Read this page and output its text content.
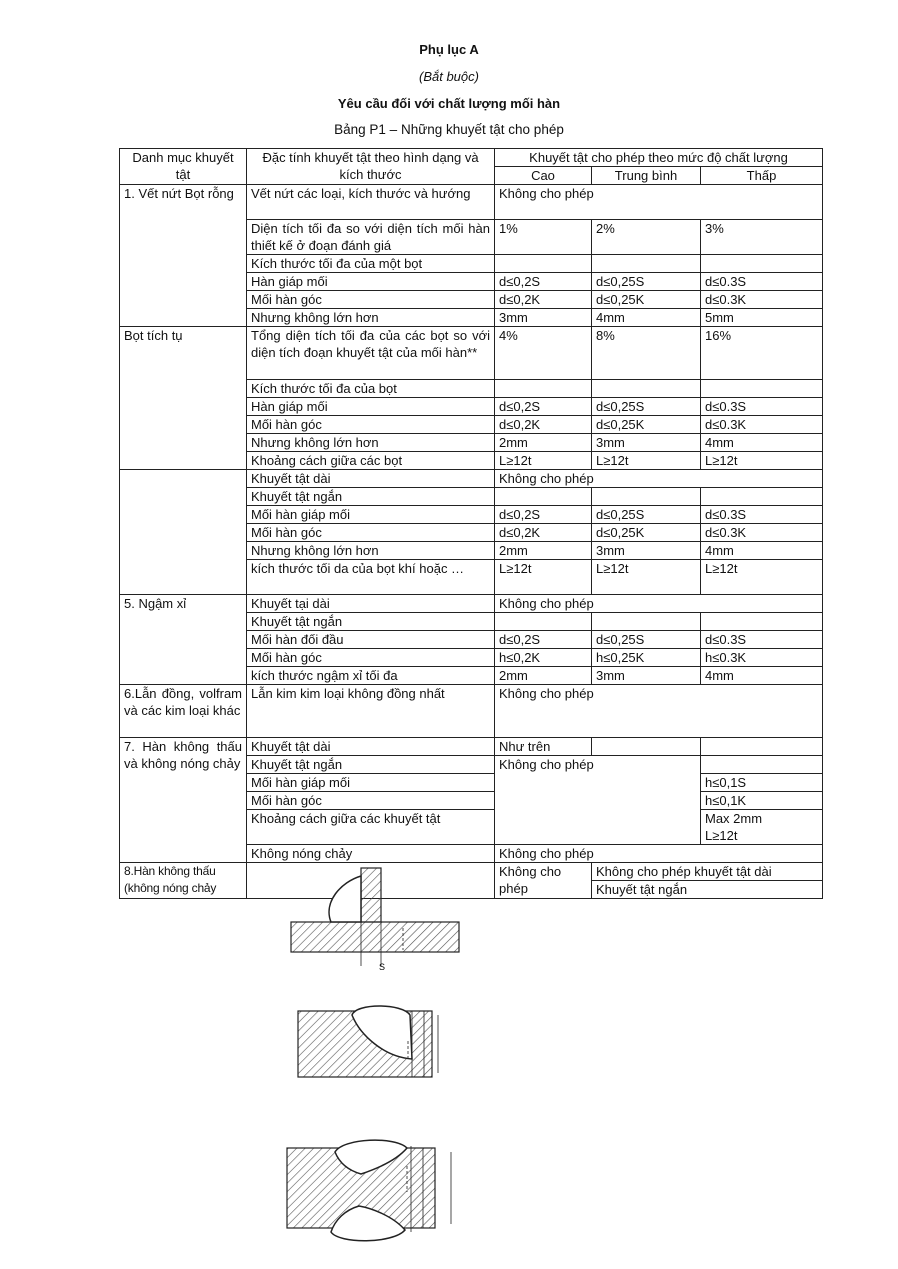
Phụ lục A
(Bắt buộc)
Yêu cầu đối với chất lượng mối hàn
Bảng P1 – Những khuyết tật cho phép
Danh mục khuyết tật	Đặc tính khuyết tật theo hình dạng và kích thước	Khuyết tật cho phép theo mức độ chất lượng		
		Cao	Trung bình	Thấp
1. Vết nứt Bọt rỗng	Vết nứt các loại, kích thước và hướng	Không cho phép		
	Diện tích tối đa so với diện tích mối hàn thiết kế ở đoạn đánh giá	1%	2%	3%
	Kích thước tối đa của một bọt			
	Hàn giáp mối	d≤0,2S	d≤0,25S	d≤0.3S
	Mối hàn góc	d≤0,2K	d≤0,25K	d≤0.3K
	Nhưng không lớn hơn	3mm	4mm	5mm
Bọt tích tụ	Tổng diện tích tối đa của các bọt so với diện tích đoạn khuyết tật của mối hàn**	4%	8%	16%
	Kích thước tối đa của bọt			
	Hàn giáp mối	d≤0,2S	d≤0,25S	d≤0.3S
	Mối hàn góc	d≤0,2K	d≤0,25K	d≤0.3K
	Nhưng không lớn hơn	2mm	3mm	4mm
	Khoảng cách giữa các bọt	L≥12t	L≥12t	L≥12t
	Khuyết tật dài	Không cho phép		
	Khuyết tật ngắn			
	Mối hàn giáp mối	d≤0,2S	d≤0,25S	d≤0.3S
	Mối hàn góc	d≤0,2K	d≤0,25K	d≤0.3K
	Nhưng không lớn hơn	2mm	3mm	4mm
	kích thước tối da của bọt khí hoặc …	L≥12t	L≥12t	L≥12t
5. Ngậm xỉ	Khuyết tại dài	Không cho phép		
	Khuyết tật ngắn			
	Mối hàn đối đầu	d≤0,2S	d≤0,25S	d≤0.3S
	Mối hàn góc	h≤0,2K	h≤0,25K	h≤0.3K
	kích thước ngậm xỉ tối đa	2mm	3mm	4mm
6.Lẫn đồng, volfram và các kim loại khác	Lẫn kim kim loại không đồng nhất	Không cho phép		
7. Hàn không thấu và không nóng chảy	Khuyết tật dài	Như trên		
	Khuyết tật ngắn	Không cho phép		
	Mối hàn giáp mối			h≤0,1S
	Mối hàn góc			h≤0,1K
	Khoảng cách giữa các khuyết tật			Max 2mm
L≥12t

	Không nóng chảy	Không cho phép		
8.Hàn không thấu (không nóng chảy		Không cho phép	Không cho phép khuyết tật dài	
			Khuyết tật ngắn	
S
